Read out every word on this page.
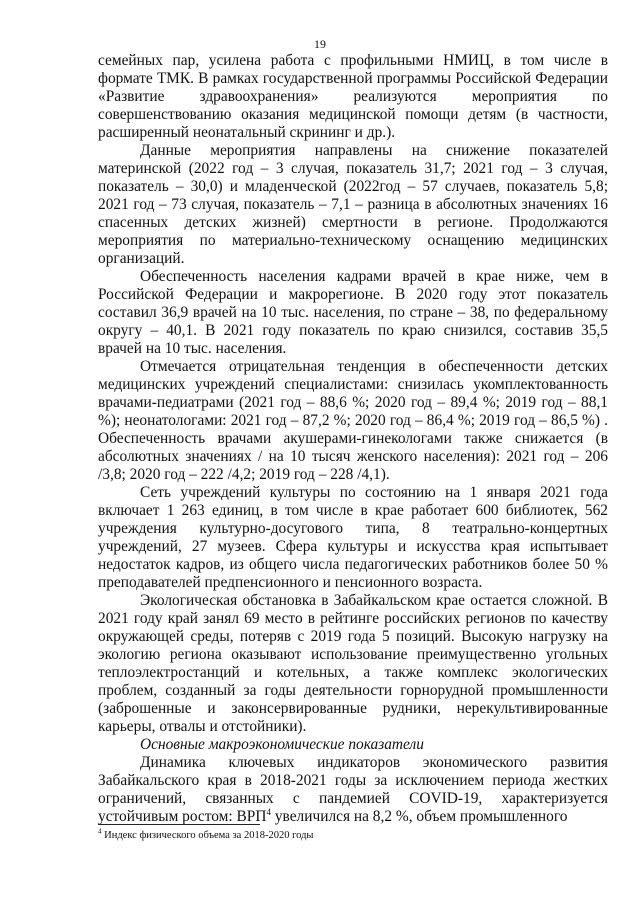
19

семейных пар, усилена работа с профильными НМИЦ, в том числе в формате ТМК. В рамках государственной программы Российской Федерации «Развитие здравоохранения» реализуются мероприятия по совершенствованию оказания медицинской помощи детям (в частности, расширенный неонатальный скрининг и др.).

Данные мероприятия направлены на снижение показателей материнской (2022 год – 3 случая, показатель 31,7; 2021 год – 3 случая, показатель – 30,0) и младенческой (2022год – 57 случаев, показатель 5,8; 2021 год – 73 случая, показатель – 7,1 – разница в абсолютных значениях 16 спасенных детских жизней) смертности в регионе. Продолжаются мероприятия по материально-техническому оснащению медицинских организаций.

Обеспеченность населения кадрами врачей в крае ниже, чем в Российской Федерации и макрорегионе. В 2020 году этот показатель составил 36,9 врачей на 10 тыс. населения, по стране – 38, по федеральному округу – 40,1. В 2021 году показатель по краю снизился, составив 35,5 врачей на 10 тыс. населения.

Отмечается отрицательная тенденция в обеспеченности детских медицинских учреждений специалистами: снизилась укомплектованность врачами-педиатрами (2021 год – 88,6 %; 2020 год – 89,4 %; 2019 год – 88,1 %); неонатологами: 2021 год – 87,2 %; 2020 год – 86,4 %; 2019 год – 86,5 %) . Обеспеченность врачами акушерами-гинекологами также снижается (в абсолютных значениях / на 10 тысяч женского населения): 2021 год – 206 /3,8; 2020 год – 222 /4,2; 2019 год – 228 /4,1).

Сеть учреждений культуры по состоянию на 1 января 2021 года включает 1 263 единиц, в том числе в крае работает 600 библиотек, 562 учреждения культурно-досугового типа, 8 театрально-концертных учреждений, 27 музеев. Сфера культуры и искусства края испытывает недостаток кадров, из общего числа педагогических работников более 50 % преподавателей предпенсионного и пенсионного возраста.

Экологическая обстановка в Забайкальском крае остается сложной. В 2021 году край занял 69 место в рейтинге российских регионов по качеству окружающей среды, потеряв с 2019 года 5 позиций. Высокую нагрузку на экологию региона оказывают использование преимущественно угольных теплоэлектростанций и котельных, а также комплекс экологических проблем, созданный за годы деятельности горнорудной промышленности (заброшенные и законсервированные рудники, нерекультивированные карьеры, отвалы и отстойники).

Основные макроэкономические показатели

Динамика ключевых индикаторов экономического развития Забайкальского края в 2018-2021 годы за исключением периода жестких ограничений, связанных с пандемией COVID-19, характеризуется устойчивым ростом: ВРП$^4$ увеличился на 8,2 %, объем промышленного

$^4$ Индекс физического объема за 2018-2020 годы
